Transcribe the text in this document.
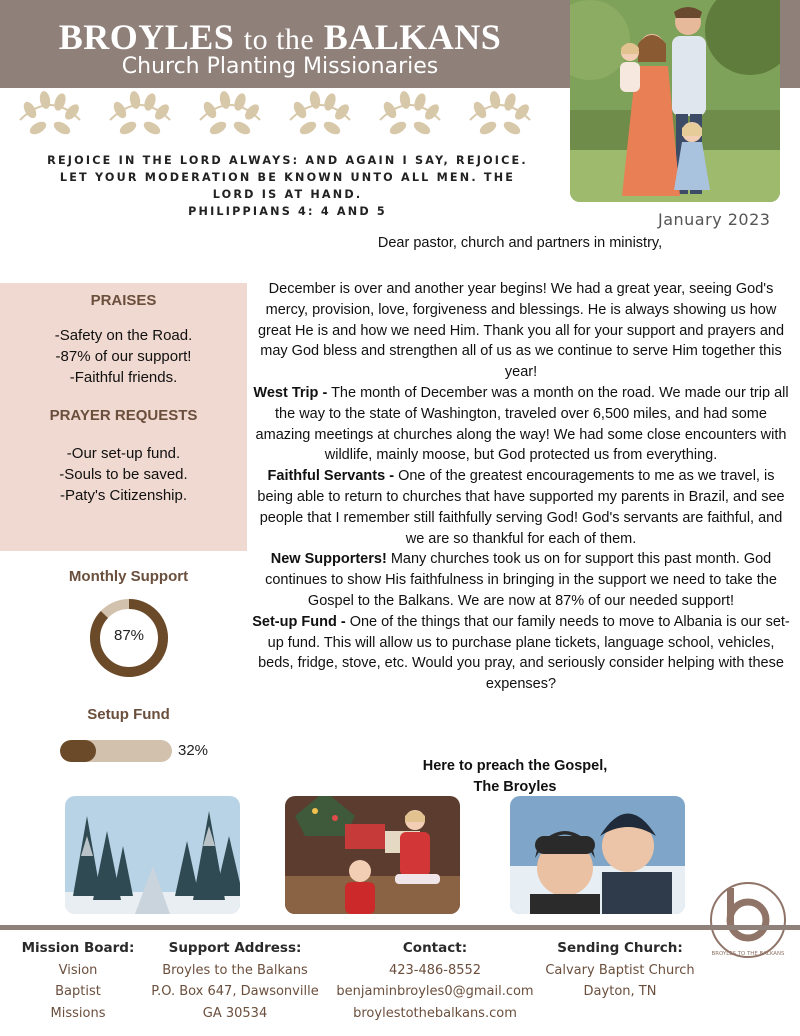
BROYLES to the BALKANS
Church Planting Missionaries
REJOICE IN THE LORD ALWAYS: AND AGAIN I SAY, REJOICE.
LET YOUR MODERATION BE KNOWN UNTO ALL MEN. THE
LORD IS AT HAND.
PHILIPPIANS 4: 4 AND 5	January 2023
Dear pastor, church and partners in ministry,
PRAISES
-Safety on the Road.
-87% of our support!
-Faithful friends.
PRAYER REQUESTS
-Our set-up fund.
-Souls to be saved.
-Paty's Citizenship.
Monthly Support
87%
Setup Fund
32%
December is over and another year begins! We had a great year, seeing God's mercy, provision, love, forgiveness and blessings. He is always showing us how great He is and how we need Him. Thank you all for your support and prayers and may God bless and strengthen all of us as we continue to serve Him together this year!
West Trip - The month of December was a month on the road. We made our trip all the way to the state of Washington, traveled over 6,500 miles, and had some amazing meetings at churches along the way! We had some close encounters with wildlife, mainly moose, but God protected us from everything.
Faithful Servants - One of the greatest encouragements to me as we travel, is being able to return to churches that have supported my parents in Brazil, and see people that I remember still faithfully serving God! God's servants are faithful, and we are so thankful for each of them.
New Supporters! Many churches took us on for support this past month. God continues to show His faithfulness in bringing in the support we need to take the Gospel to the Balkans. We are now at 87% of our needed support!
Set-up Fund - One of the things that our family needs to move to Albania is our set-up fund. This will allow us to purchase plane tickets, language school, vehicles, beds, fridge, stove, etc. Would you pray, and seriously consider helping with these expenses?
Here to preach the Gospel,
The Broyles
BROYLES TO THE BALKANS
Mission Board:
Vision
Baptist
Missions
Support Address:
Broyles to the Balkans
P.O. Box 647, Dawsonville
GA 30534
Contact:
423-486-8552
benjaminbroyles0@gmail.com
broylestothebalkans.com
Sending Church:
Calvary Baptist Church
Dayton, TN
